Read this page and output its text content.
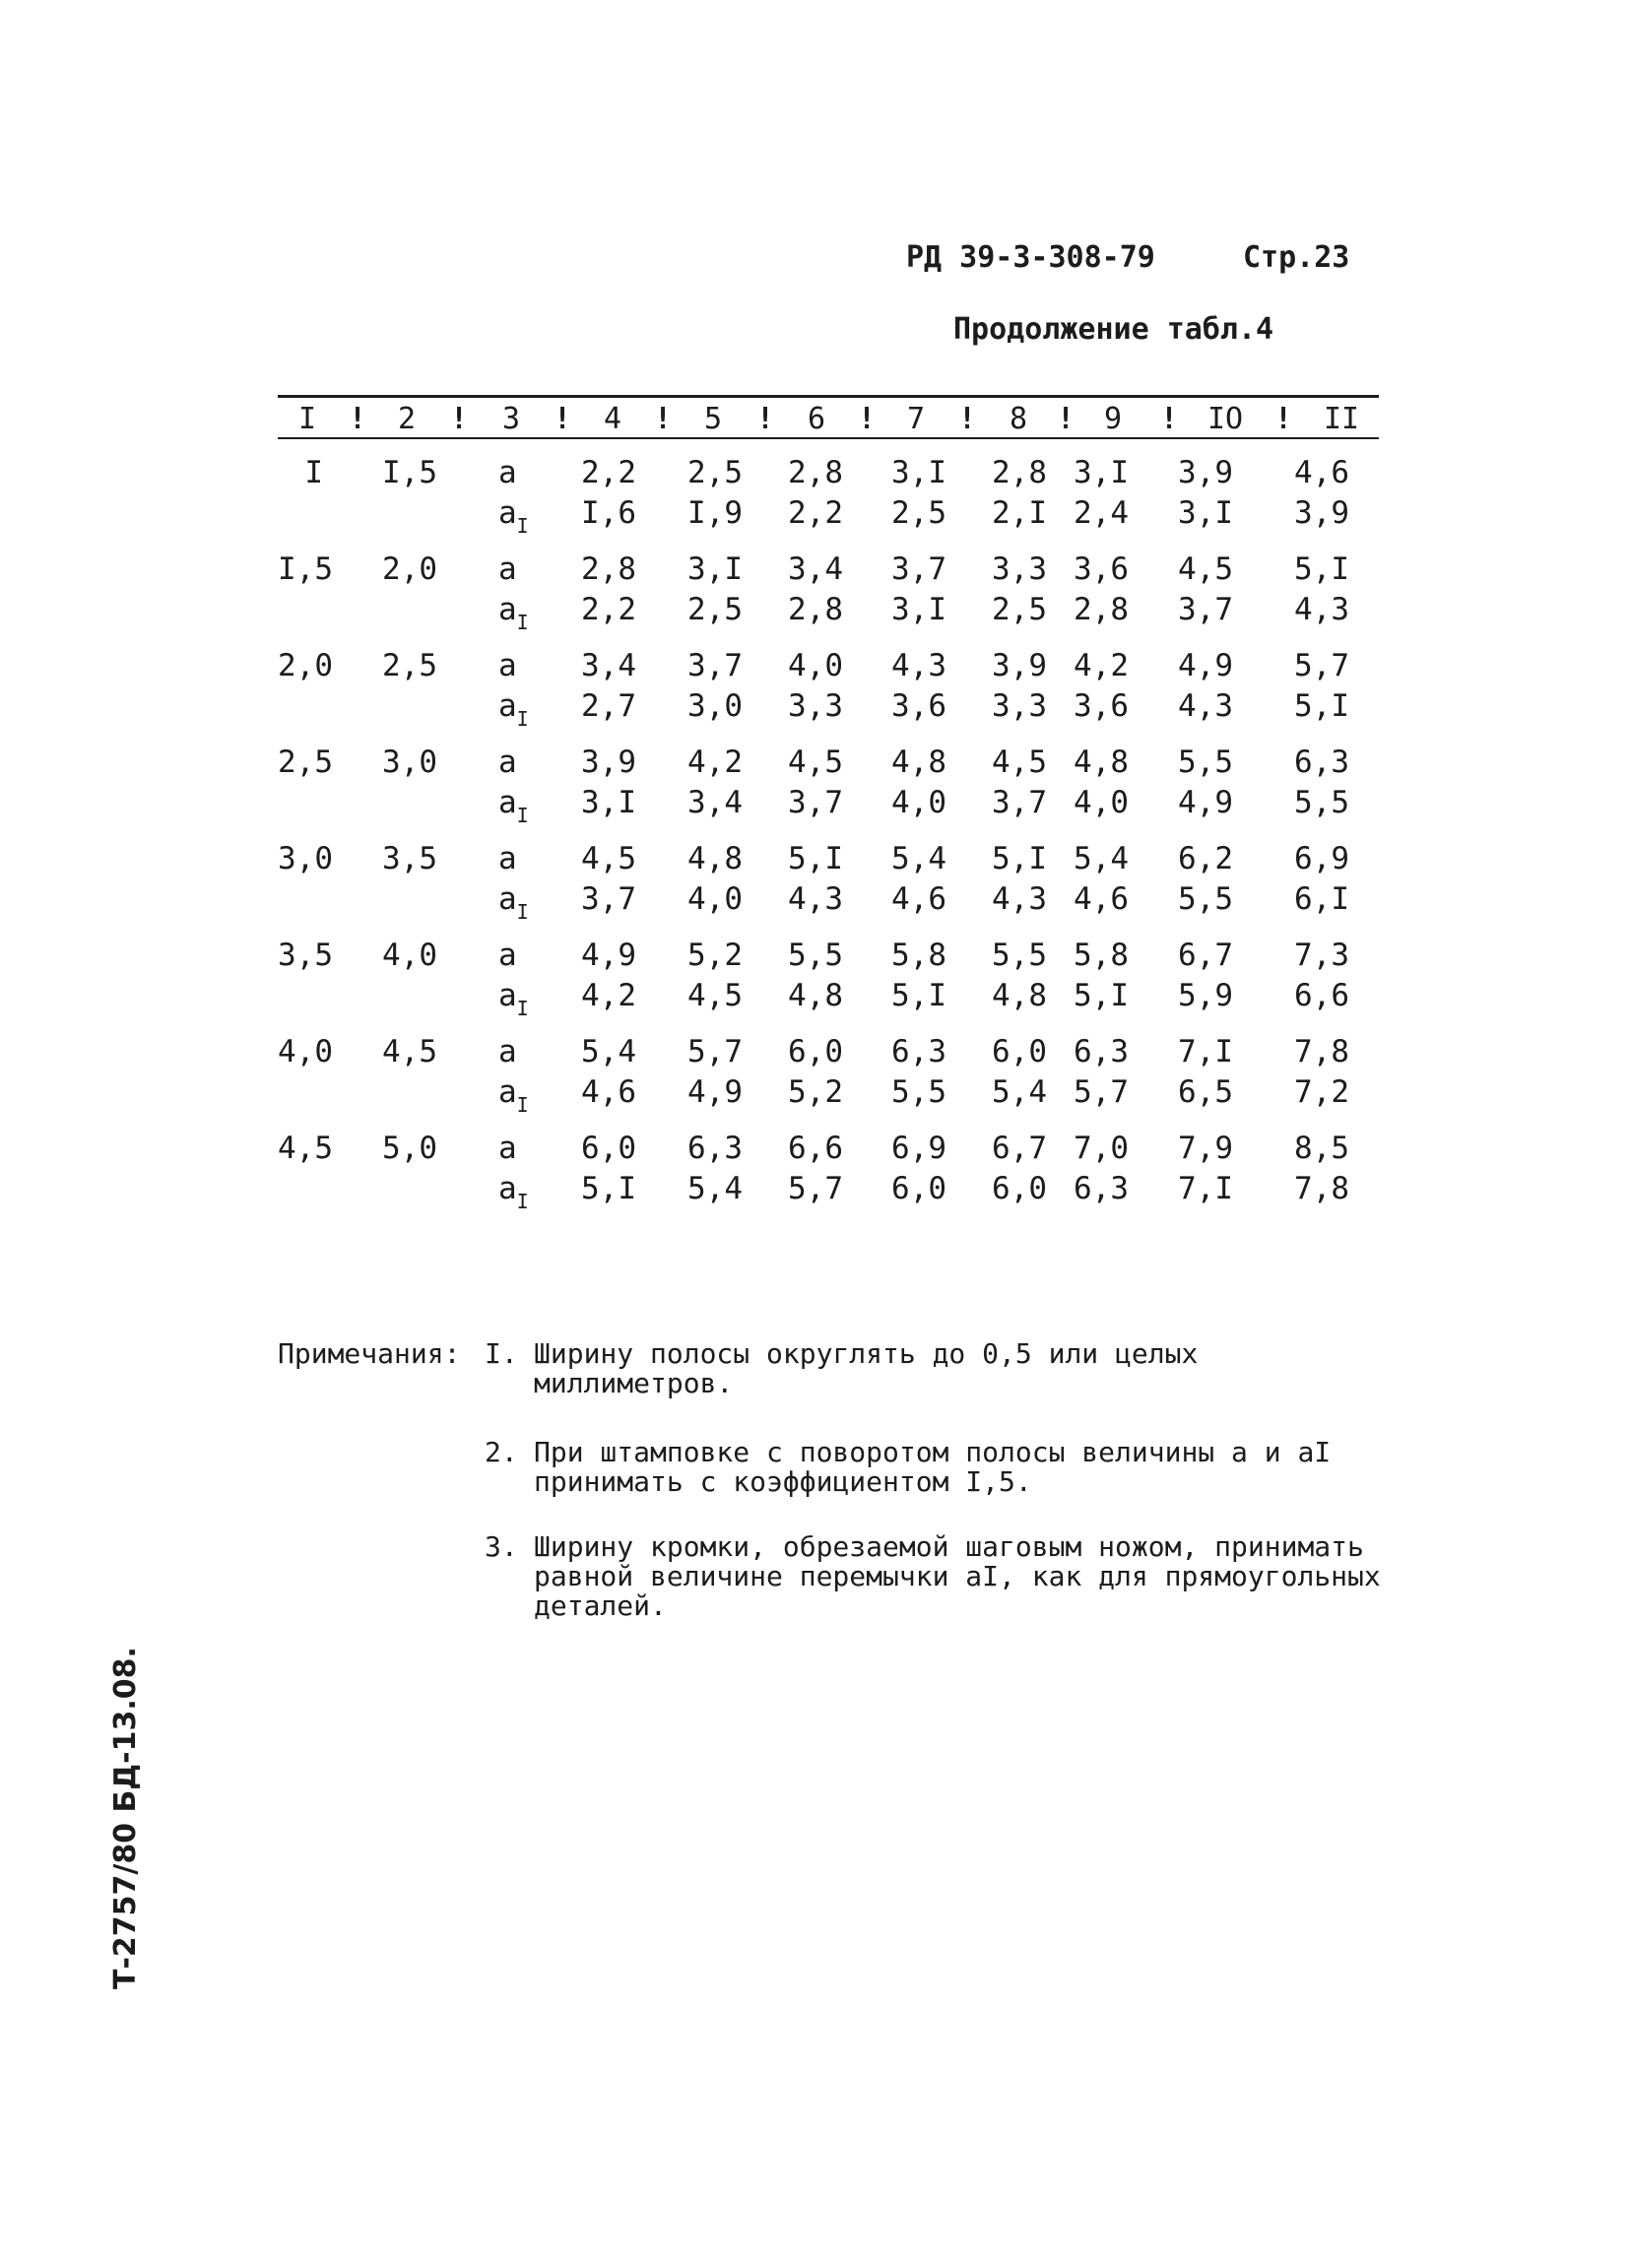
РД 39-3-308-79	Стр.23
Продолжение табл.4
I	!	2	!	3	!	4	!	5	!	6	!	7	!	8 ! 9	! IO	!	II
I I,5 a	2,2 2,5 2,8 3,I 2,8 3,I 3,9 4,6
$a_I$ I,6 I,9 2,2 2,5 2,I 2,4 3,I 3,9
I,5 2,0 a	2,8 3,I 3,4 3,7 3,3 3,6 4,5 5,I
$a_I$ 2,2 2,5 2,8 3,I 2,5 2,8 3,7 4,3
2,0 2,5 a	3,4 3,7 4,0 4,3 3,9 4,2 4,9 5,7
$a_I$ 2,7 3,0 3,3 3,6 3,3 3,6 4,3 5,I
2,5 3,0 a	3,9 4,2 4,5 4,8 4,5 4,8 5,5 6,3
$a_I$ 3,I 3,4 3,7 4,0 3,7 4,0 4,9 5,5
3,0 3,5 a	4,5 4,8 5,I 5,4 5,I 5,4 6,2 6,9
$a_I$ 3,7 4,0 4,3 4,6 4,3 4,6 5,5 6,I
3,5 4,0 a	4,9 5,2 5,5 5,8 5,5 5,8 6,7 7,3
$a_I$ 4,2 4,5 4,8 5,I 4,8 5,I 5,9 6,6
4,0 4,5 a	5,4 5,7 6,0 6,3 6,0 6,3 7,I 7,8
$a_I$ 4,6 4,9 5,2 5,5 5,4 5,7 6,5 7,2
4,5 5,0 a	6,0 6,3 6,6 6,9 6,7 7,0 7,9 8,5
$a_I$ 5,I 5,4 5,7 6,0 6,0 6,3 7,I 7,8
Примечания: I. Ширину полосы округлять до 0,5 или целых миллиметров.
2. При штамповке с поворотом полосы величины a и aI принимать с коэффициентом I,5.
3. Ширину кромки, обрезаемой шаговым ножом, принимать равной величине перемычки aI, как для прямоугольных деталей.
Т-2757/80 БД-13.08.
